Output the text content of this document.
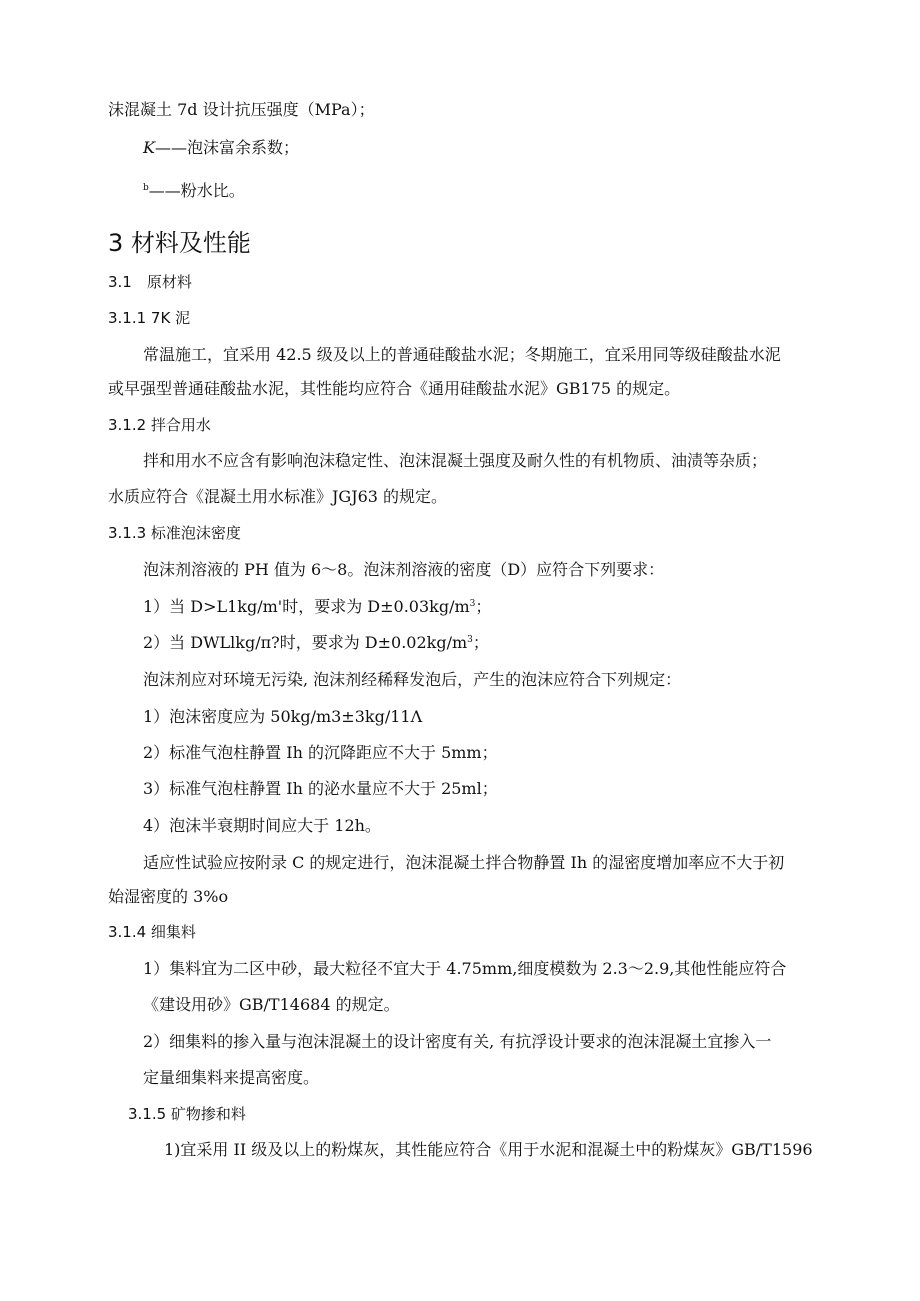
沫混凝土 7d 设计抗压强度（MPa）；
K——泡沫富余系数；
$^b$——粉水比。
3 材料及性能
3.1　原材料
3.1.1 7K 泥
常温施工，宜采用 42.5 级及以上的普通硅酸盐水泥；冬期施工，宜采用同等级硅酸盐水泥
或早强型普通硅酸盐水泥，其性能均应符合《通用硅酸盐水泥》GB175 的规定。
3.1.2 拌合用水
拌和用水不应含有影响泡沫稳定性、泡沫混凝土强度及耐久性的有机物质、油渍等杂质；
水质应符合《混凝土用水标准》JGJ63 的规定。
3.1.3 标准泡沫密度
泡沫剂溶液的 PH 值为 6～8。泡沫剂溶液的密度（D）应符合下列要求：
1）当 D>L1kg/m'时，要求为 $D\pm 0.03kg/m^3$；
2）当 DWLlkg/π?时，要求为 $D\pm 0.02kg/m^3$；
泡沫剂应对环境无污染, 泡沫剂经稀释发泡后，产生的泡沫应符合下列规定：
1）泡沫密度应为 50kg/m3±3kg/11Λ
2）标准气泡柱静置 Ih 的沉降距应不大于 5mm；
3）标准气泡柱静置 Ih 的泌水量应不大于 25ml；
4）泡沫半衰期时间应大于 12h。
适应性试验应按附录 C 的规定进行，泡沫混凝土拌合物静置 Ih 的湿密度增加率应不大于初
始湿密度的 3%o
3.1.4 细集料
1）集料宜为二区中砂，最大粒径不宜大于 4.75mm,细度模数为 2.3～2.9,其他性能应符合
《建设用砂》GB/T14684 的规定。
2）细集料的掺入量与泡沫混凝土的设计密度有关, 有抗浮设计要求的泡沫混凝土宜掺入一
定量细集料来提高密度。
3.1.5 矿物掺和料
1)宜采用 II 级及以上的粉煤灰，其性能应符合《用于水泥和混凝土中的粉煤灰》GB/T1596
